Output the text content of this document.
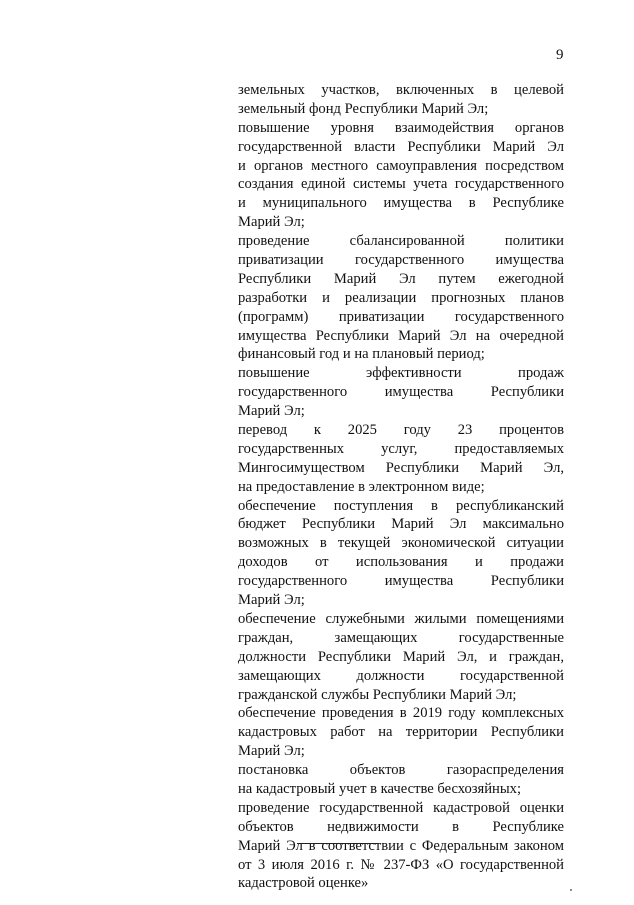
9
земельных участков, включенных в целевой
земельный фонд Республики Марий Эл;
повышение уровня взаимодействия органов
государственной власти Республики Марий Эл
и органов местного самоуправления посредством
создания единой системы учета государственного
и муниципального имущества в Республике
Марий Эл;
проведение сбалансированной политики
приватизации государственного имущества
Республики Марий Эл путем ежегодной
разработки и реализации прогнозных планов
(программ) приватизации государственного
имущества Республики Марий Эл на очередной
финансовый год и на плановый период;
повышение эффективности продаж
государственного имущества Республики
Марий Эл;
перевод к 2025 году 23 процентов
государственных услуг, предоставляемых
Мингосимуществом Республики Марий Эл,
на предоставление в электронном виде;
обеспечение поступления в республиканский
бюджет Республики Марий Эл максимально
возможных в текущей экономической ситуации
доходов от использования и продажи
государственного имущества Республики
Марий Эл;
обеспечение служебными жилыми помещениями
граждан, замещающих государственные
должности Республики Марий Эл, и граждан,
замещающих должности государственной
гражданской службы Республики Марий Эл;
обеспечение проведения в 2019 году комплексных
кадастровых работ на территории Республики
Марий Эл;
постановка объектов газораспределения
на кадастровый учет в качестве бесхозяйных;
проведение государственной кадастровой оценки
объектов недвижимости в Республике
Марий Эл в соответствии с Федеральным законом
от 3 июля 2016 г. № 237-ФЗ «О государственной
кадастровой оценке»
